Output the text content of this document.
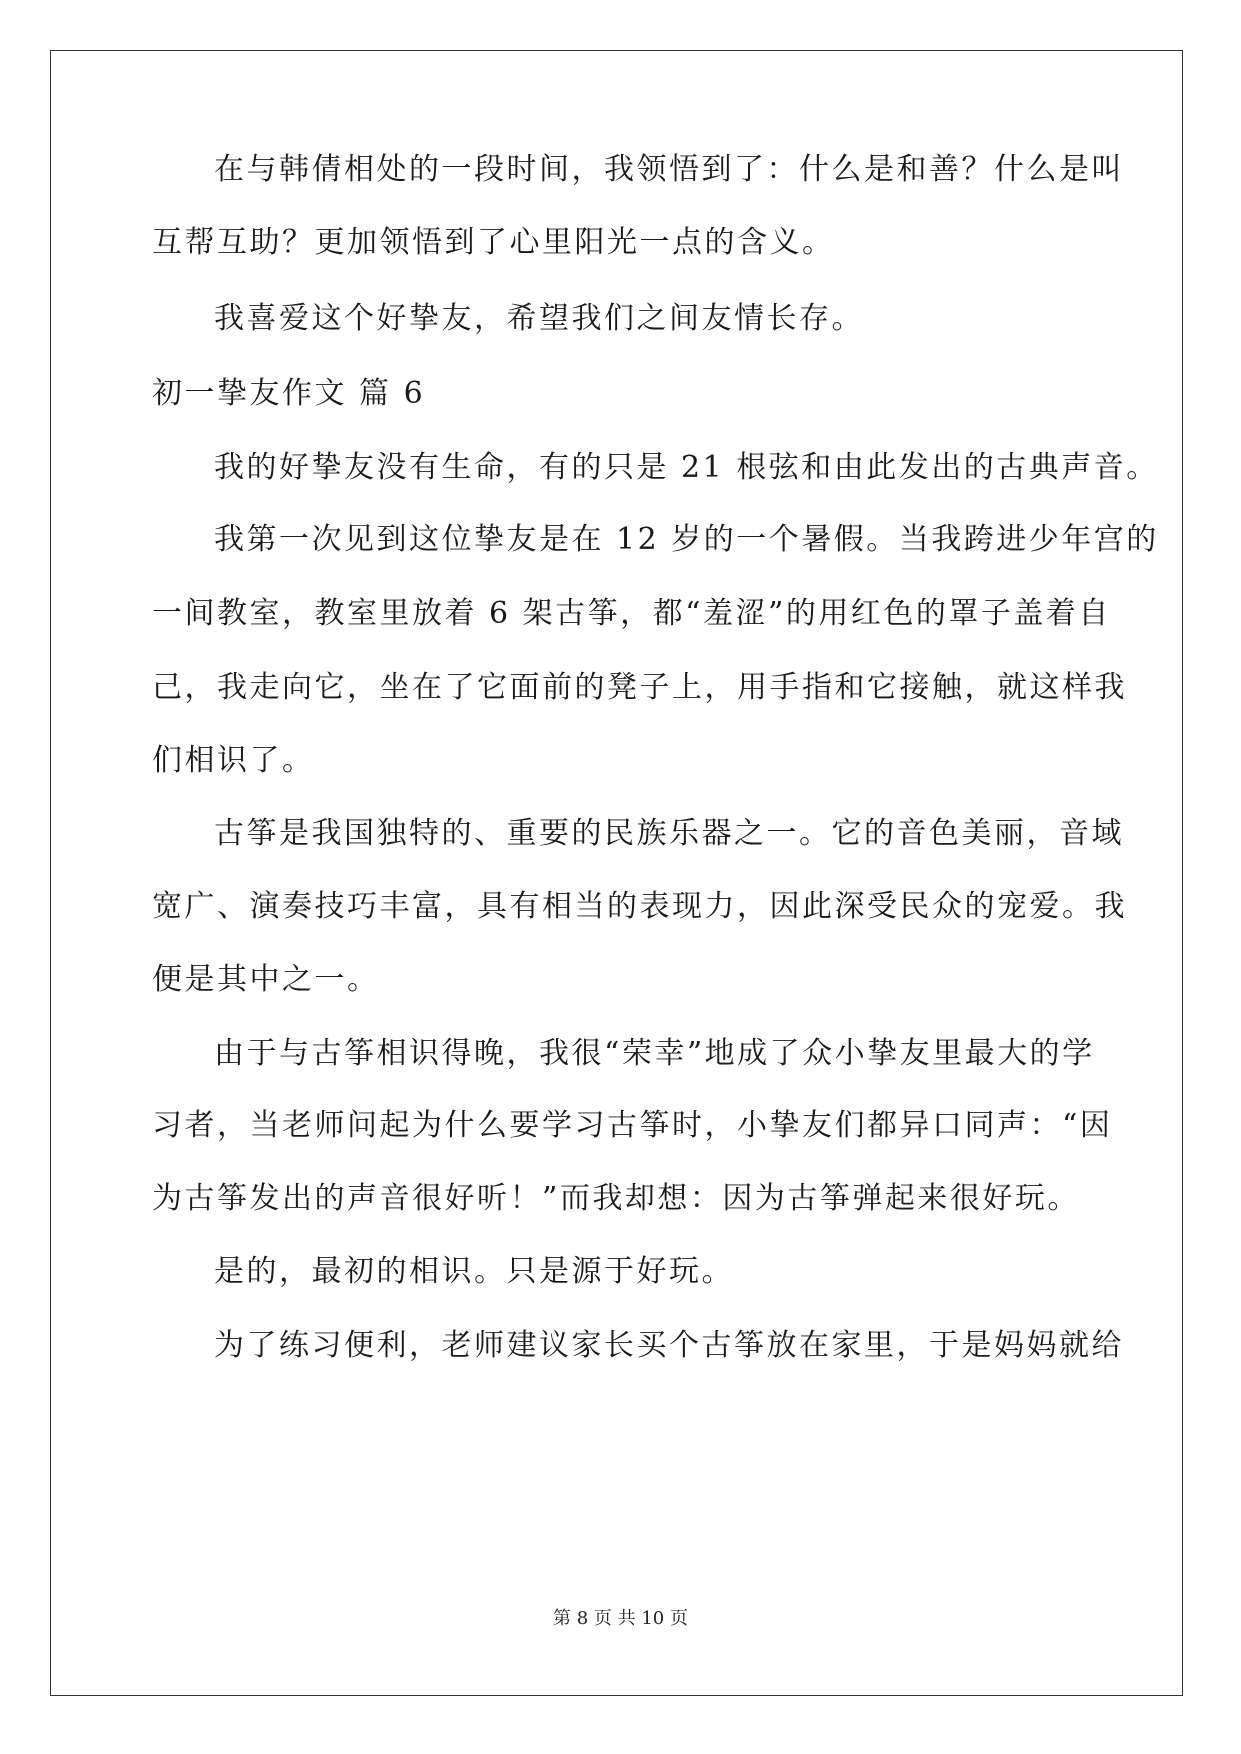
在与韩倩相处的一段时间，我领悟到了：什么是和善？什么是叫
互帮互助？更加领悟到了心里阳光一点的含义。
我喜爱这个好挚友，希望我们之间友情长存。
初一挚友作文 篇 6
我的好挚友没有生命，有的只是 21 根弦和由此发出的古典声音。
我第一次见到这位挚友是在 12 岁的一个暑假。当我跨进少年宫的
一间教室，教室里放着 6 架古筝，都“羞涩”的用红色的罩子盖着自
己，我走向它，坐在了它面前的凳子上，用手指和它接触，就这样我
们相识了。
古筝是我国独特的、重要的民族乐器之一。它的音色美丽，音域
宽广、演奏技巧丰富，具有相当的表现力，因此深受民众的宠爱。我
便是其中之一。
由于与古筝相识得晚，我很“荣幸”地成了众小挚友里最大的学
习者，当老师问起为什么要学习古筝时，小挚友们都异口同声：“因
为古筝发出的声音很好听！”而我却想：因为古筝弹起来很好玩。
是的，最初的相识。只是源于好玩。
为了练习便利，老师建议家长买个古筝放在家里，于是妈妈就给
第 8 页 共 10 页
